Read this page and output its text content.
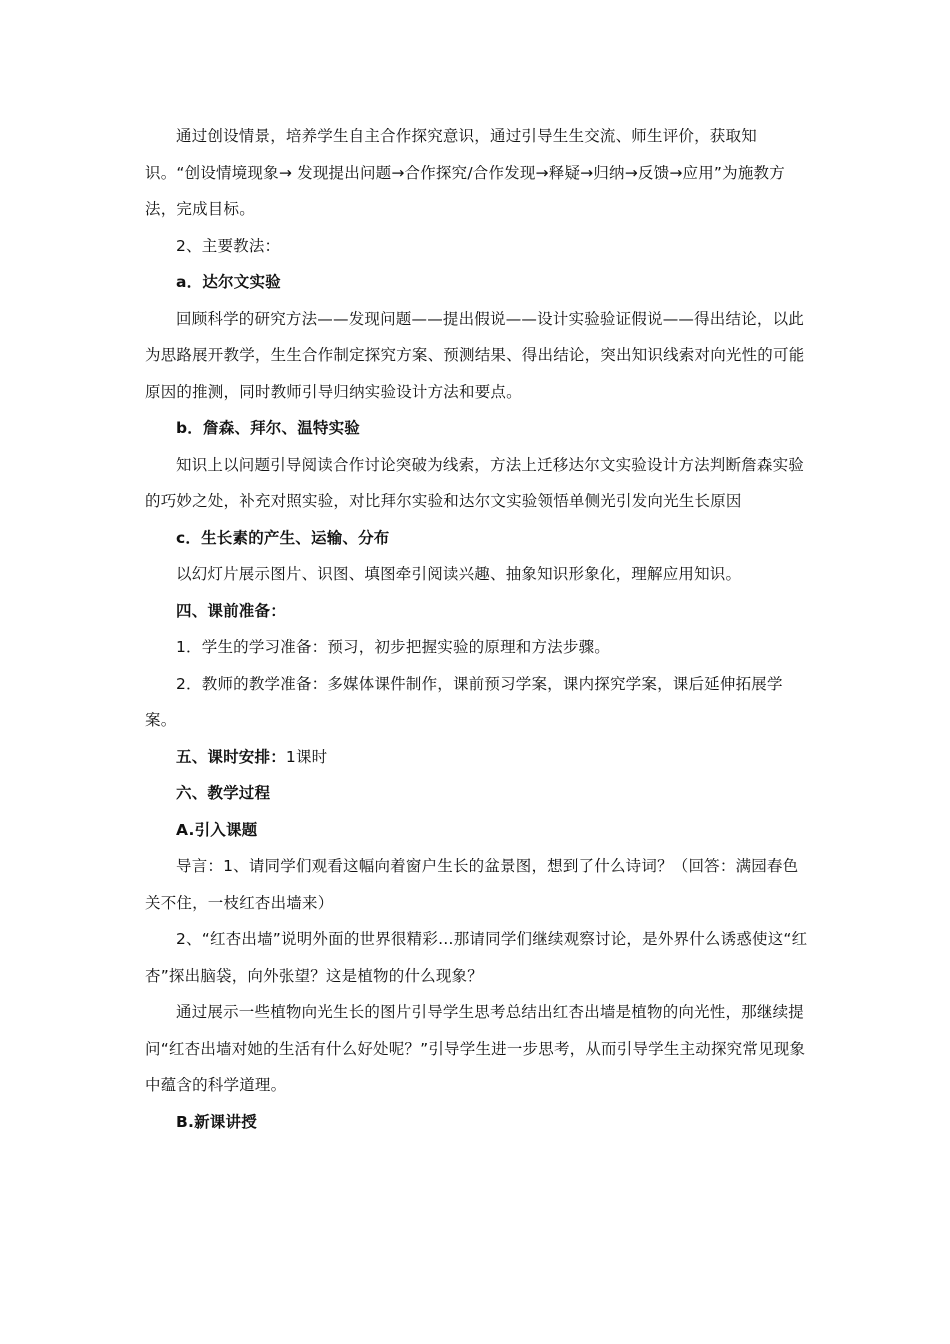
通过创设情景，培养学生自主合作探究意识，通过引导生生交流、师生评价，获取知识。“创设情境现象→ 发现提出问题→合作探究/合作发现→释疑→归纳→反馈→应用”为施教方法，完成目标。

2、主要教法：

a．达尔文实验

回顾科学的研究方法——发现问题——提出假说——设计实验验证假说——得出结论，以此为思路展开教学，生生合作制定探究方案、预测结果、得出结论，突出知识线索对向光性的可能原因的推测，同时教师引导归纳实验设计方法和要点。

b．詹森、拜尔、温特实验

知识上以问题引导阅读合作讨论突破为线索，方法上迁移达尔文实验设计方法判断詹森实验的巧妙之处，补充对照实验，对比拜尔实验和达尔文实验领悟单侧光引发向光生长原因

c．生长素的产生、运输、分布

以幻灯片展示图片、识图、填图牵引阅读兴趣、抽象知识形象化，理解应用知识。

四、课前准备：

1．学生的学习准备：预习，初步把握实验的原理和方法步骤。

2．教师的教学准备：多媒体课件制作，课前预习学案，课内探究学案，课后延伸拓展学案。

五、课时安排：1课时

六、教学过程

A.引入课题

导言：1、请同学们观看这幅向着窗户生长的盆景图，想到了什么诗词？（回答：满园春色关不住，一枝红杏出墙来）

2、“红杏出墙”说明外面的世界很精彩…那请同学们继续观察讨论，是外界什么诱惑使这“红杏”探出脑袋，向外张望？这是植物的什么现象？

通过展示一些植物向光生长的图片引导学生思考总结出红杏出墙是植物的向光性，那继续提问“红杏出墙对她的生活有什么好处呢？”引导学生进一步思考，从而引导学生主动探究常见现象中蕴含的科学道理。

B.新课讲授
